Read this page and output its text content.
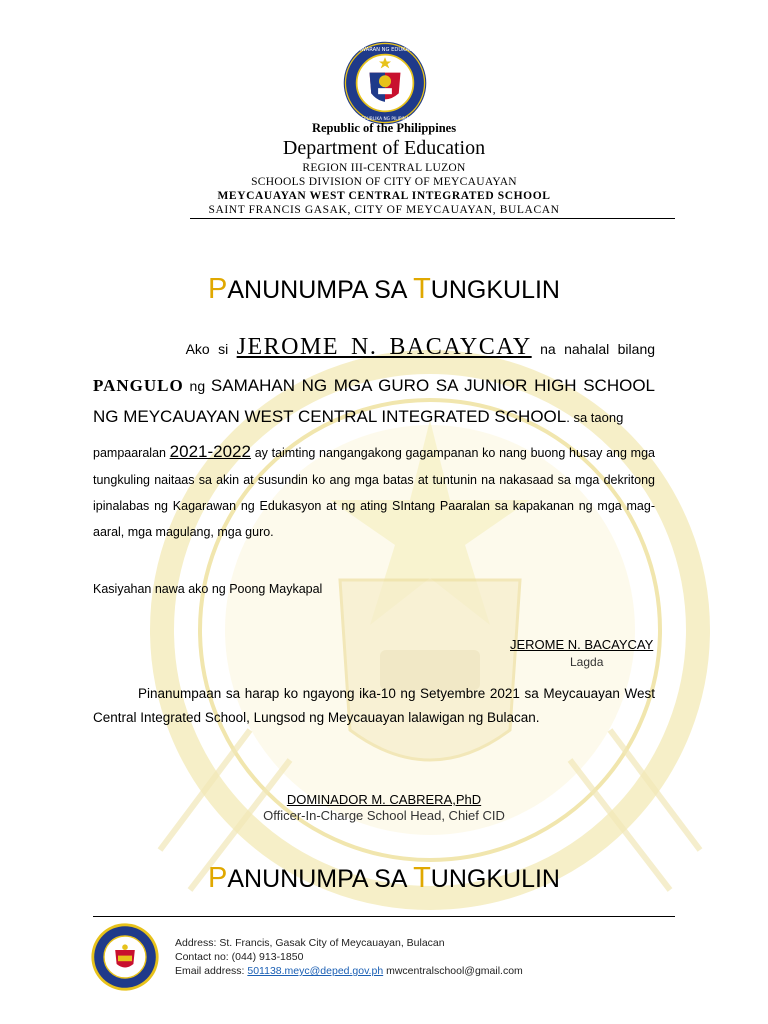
KAGAWARAN NG EDUKASYON
REPUBLIKA NG PILIPINAS
Republic of the Philippines
Department of Education
REGION III-CENTRAL LUZON
SCHOOLS DIVISION OF CITY OF MEYCAUAYAN
MEYCAUAYAN WEST CENTRAL INTEGRATED SCHOOL
SAINT FRANCIS GASAK, CITY OF MEYCAUAYAN, BULACAN
PANUNUMPA SA TUNGKULIN
Ako si JEROME N. BACAYCAY na nahalal bilang
PANGULO ng SAMAHAN NG MGA GURO SA JUNIOR HIGH SCHOOL
NG MEYCAUAYAN WEST CENTRAL INTEGRATED SCHOOL. sa taong
pampaaralan 2021-2022 ay taimting nangangakong gagampanan ko nang buong husay ang mga
tungkuling naitaas sa akin at susundin ko ang mga batas at tuntunin na nakasaad sa mga dekritong
ipinalabas ng Kagarawan ng Edukasyon at ng ating SIntang Paaralan sa kapakanan ng mga mag-
aaral, mga magulang, mga guro.
Kasiyahan nawa ako ng Poong Maykapal
JEROME N. BACAYCAY
Lagda
Pinanumpaan sa harap ko ngayong ika-10 ng Setyembre 2021 sa Meycauayan West Central Integrated School, Lungsod ng Meycauayan lalawigan ng Bulacan.
DOMINADOR M. CABRERA,PhD
Officer-In-Charge School Head, Chief CID
PANUNUMPA SA TUNGKULIN
Address: St. Francis, Gasak City of Meycauayan, Bulacan
Contact no: (044) 913-1850
Email address: 501138.meyc@deped.gov.ph mwcentralschool@gmail.com
